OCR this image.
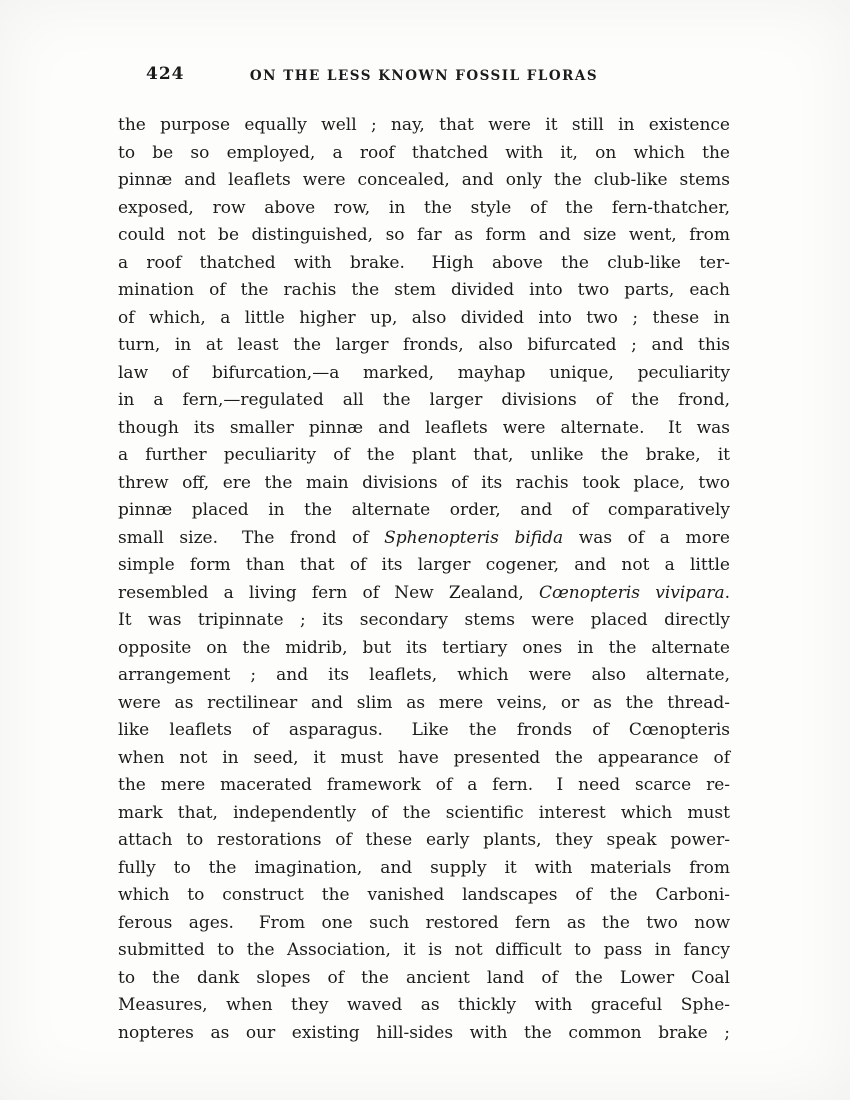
424	ON THE LESS KNOWN FOSSIL FLORAS
the purpose equally well ; nay, that were it still in existence
to be so employed, a roof thatched with it, on which the
pinnæ and leaflets were concealed, and only the club-like stems
exposed, row above row, in the style of the fern-thatcher,
could not be distinguished, so far as form and size went, from
a roof thatched with brake.  High above the club-like ter-
mination of the rachis the stem divided into two parts, each
of which, a little higher up, also divided into two ; these in
turn, in at least the larger fronds, also bifurcated ; and this
law of bifurcation,—a marked, mayhap unique, peculiarity
in a fern,—regulated all the larger divisions of the frond,
though its smaller pinnæ and leaflets were alternate.  It was
a further peculiarity of the plant that, unlike the brake, it
threw off, ere the main divisions of its rachis took place, two
pinnæ placed in the alternate order, and of comparatively
small size.  The frond of Sphenopteris bifida was of a more
simple form than that of its larger cogener, and not a little
resembled a living fern of New Zealand, Cœnopteris vivipara.
It was tripinnate ; its secondary stems were placed directly
opposite on the midrib, but its tertiary ones in the alternate
arrangement ; and its leaflets, which were also alternate,
were as rectilinear and slim as mere veins, or as the thread-
like leaflets of asparagus.  Like the fronds of Cœnopteris
when not in seed, it must have presented the appearance of
the mere macerated framework of a fern.  I need scarce re-
mark that, independently of the scientific interest which must
attach to restorations of these early plants, they speak power-
fully to the imagination, and supply it with materials from
which to construct the vanished landscapes of the Carboni-
ferous ages.  From one such restored fern as the two now
submitted to the Association, it is not difficult to pass in fancy
to the dank slopes of the ancient land of the Lower Coal
Measures, when they waved as thickly with graceful Sphe-
nopteres as our existing hill-sides with the common brake ;
